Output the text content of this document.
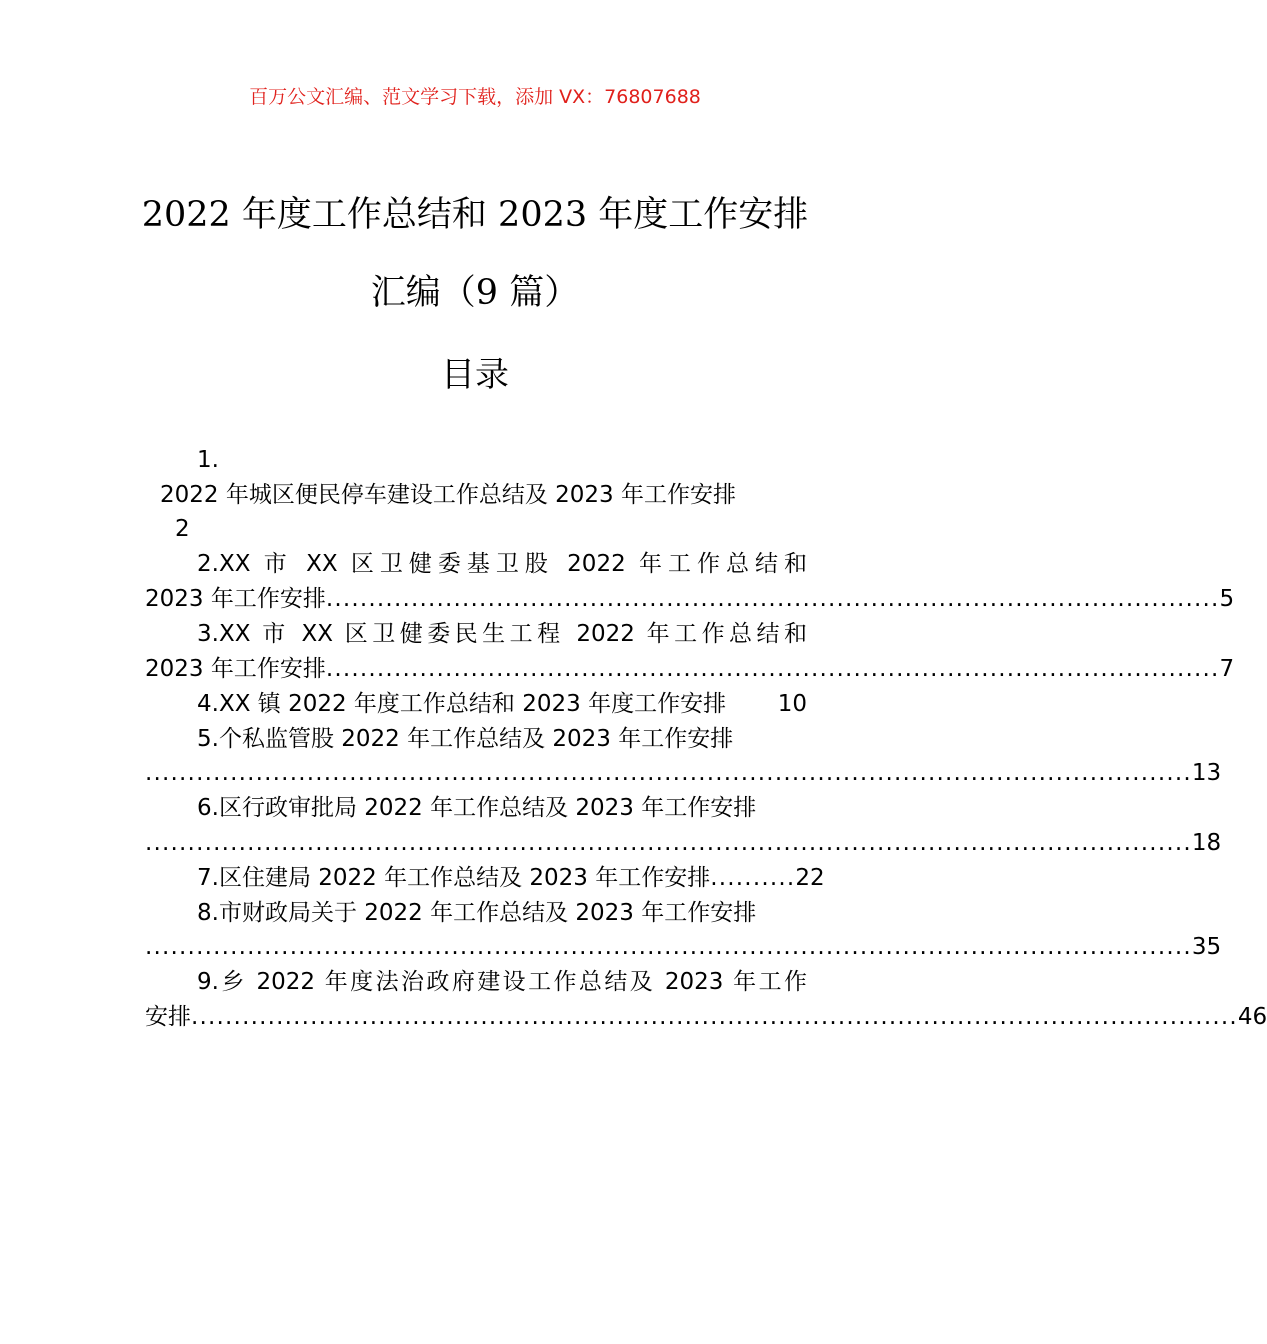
百万公文汇编、范文学习下载，添加 VX：76807688
2022 年度工作总结和 2023 年度工作安排汇编（9 篇）
目录
1.
2022 年城区便民停车建设工作总结及 2023 年工作安排
2
2.XX 市 XX 区卫健委基卫股 2022 年工作总结和
2023 年工作安排 ......................................................................................................... 5
3.XX 市 XX 区卫健委民生工程 2022 年工作总结和
2023 年工作安排 ......................................................................................................... 7
4.XX 镇 2022 年度工作总结和 2023 年度工作安排 10
5.个私监管股 2022 年工作总结及 2023 年工作安排
........................................................................................................................... 13
6.区行政审批局 2022 年工作总结及 2023 年工作安排
........................................................................................................................... 18
7.区住建局 2022 年工作总结及 2023 年工作安排 .......... 22
8.市财政局关于 2022 年工作总结及 2023 年工作安排
........................................................................................................................... 35
9.乡 2022 年度法治政府建设工作总结及 2023 年工作
安排 ........................................................................................................................... 46
